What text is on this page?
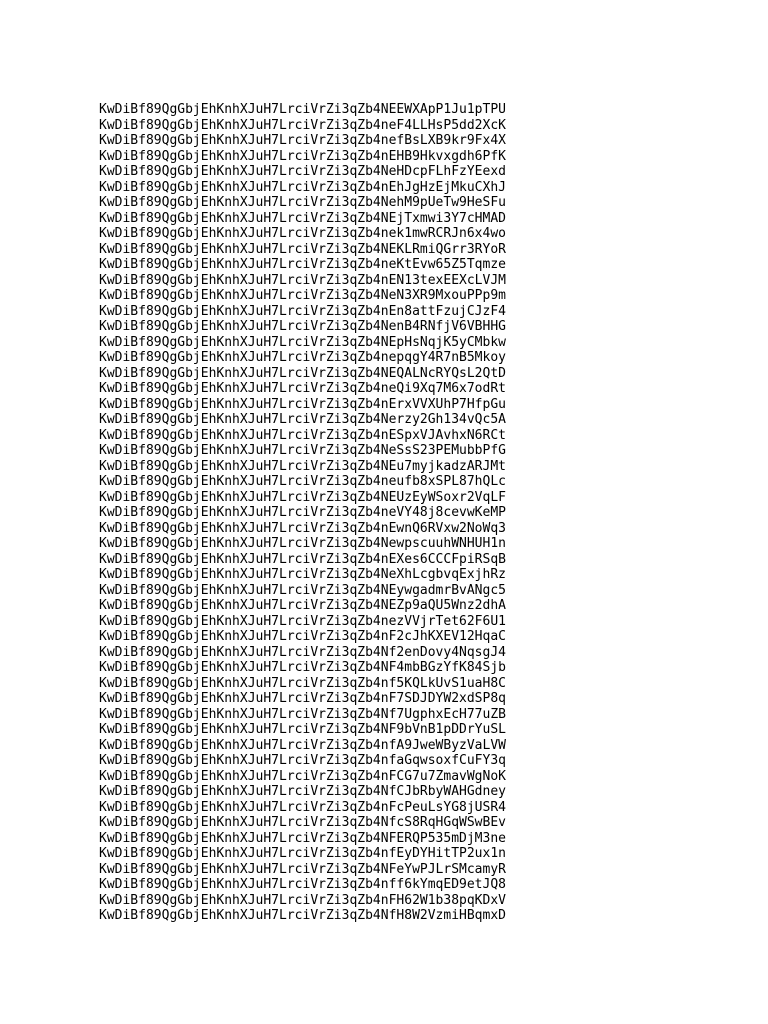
KwDiBf89QgGbjEhKnhXJuH7LrciVrZi3qZb4NEEWXApP1Ju1pTPU
KwDiBf89QgGbjEhKnhXJuH7LrciVrZi3qZb4neF4LLHsP5dd2XcK
KwDiBf89QgGbjEhKnhXJuH7LrciVrZi3qZb4nefBsLXB9kr9Fx4X
KwDiBf89QgGbjEhKnhXJuH7LrciVrZi3qZb4nEHB9Hkvxgdh6PfK
KwDiBf89QgGbjEhKnhXJuH7LrciVrZi3qZb4NeHDcpFLhFzYEexd
KwDiBf89QgGbjEhKnhXJuH7LrciVrZi3qZb4nEhJgHzEjMkuCXhJ
KwDiBf89QgGbjEhKnhXJuH7LrciVrZi3qZb4NehM9pUeTw9HeSFu
KwDiBf89QgGbjEhKnhXJuH7LrciVrZi3qZb4NEjTxmwi3Y7cHMAD
KwDiBf89QgGbjEhKnhXJuH7LrciVrZi3qZb4nek1mwRCRJn6x4wo
KwDiBf89QgGbjEhKnhXJuH7LrciVrZi3qZb4NEKLRmiQGrr3RYoR
KwDiBf89QgGbjEhKnhXJuH7LrciVrZi3qZb4neKtEvw65Z5Tqmze
KwDiBf89QgGbjEhKnhXJuH7LrciVrZi3qZb4nEN13texEEXcLVJM
KwDiBf89QgGbjEhKnhXJuH7LrciVrZi3qZb4NeN3XR9MxouPPp9m
KwDiBf89QgGbjEhKnhXJuH7LrciVrZi3qZb4nEn8attFzujCJzF4
KwDiBf89QgGbjEhKnhXJuH7LrciVrZi3qZb4NenB4RNfjV6VBHHG
KwDiBf89QgGbjEhKnhXJuH7LrciVrZi3qZb4NEpHsNqjK5yCMbkw
KwDiBf89QgGbjEhKnhXJuH7LrciVrZi3qZb4nepqgY4R7nB5Mkoy
KwDiBf89QgGbjEhKnhXJuH7LrciVrZi3qZb4NEQALNcRYQsL2QtD
KwDiBf89QgGbjEhKnhXJuH7LrciVrZi3qZb4neQi9Xq7M6x7odRt
KwDiBf89QgGbjEhKnhXJuH7LrciVrZi3qZb4nErxVVXUhP7HfpGu
KwDiBf89QgGbjEhKnhXJuH7LrciVrZi3qZb4Nerzy2Gh134vQc5A
KwDiBf89QgGbjEhKnhXJuH7LrciVrZi3qZb4nESpxVJAvhxN6RCt
KwDiBf89QgGbjEhKnhXJuH7LrciVrZi3qZb4NeSsS23PEMubbPfG
KwDiBf89QgGbjEhKnhXJuH7LrciVrZi3qZb4NEu7myjkadzARJMt
KwDiBf89QgGbjEhKnhXJuH7LrciVrZi3qZb4neufb8xSPL87hQLc
KwDiBf89QgGbjEhKnhXJuH7LrciVrZi3qZb4NEUzEyWSoxr2VqLF
KwDiBf89QgGbjEhKnhXJuH7LrciVrZi3qZb4neVY48j8cevwKeMP
KwDiBf89QgGbjEhKnhXJuH7LrciVrZi3qZb4nEwnQ6RVxw2NoWq3
KwDiBf89QgGbjEhKnhXJuH7LrciVrZi3qZb4NewpscuuhWNHUH1n
KwDiBf89QgGbjEhKnhXJuH7LrciVrZi3qZb4nEXes6CCCFpiRSqB
KwDiBf89QgGbjEhKnhXJuH7LrciVrZi3qZb4NeXhLcgbvqExjhRz
KwDiBf89QgGbjEhKnhXJuH7LrciVrZi3qZb4NEywgadmrBvANgc5
KwDiBf89QgGbjEhKnhXJuH7LrciVrZi3qZb4NEZp9aQU5Wnz2dhA
KwDiBf89QgGbjEhKnhXJuH7LrciVrZi3qZb4nezVVjrTet62F6U1
KwDiBf89QgGbjEhKnhXJuH7LrciVrZi3qZb4nF2cJhKXEV12HqaC
KwDiBf89QgGbjEhKnhXJuH7LrciVrZi3qZb4Nf2enDovy4NqsgJ4
KwDiBf89QgGbjEhKnhXJuH7LrciVrZi3qZb4NF4mbBGzYfK84Sjb
KwDiBf89QgGbjEhKnhXJuH7LrciVrZi3qZb4nf5KQLkUvS1uaH8C
KwDiBf89QgGbjEhKnhXJuH7LrciVrZi3qZb4nF7SDJDYW2xdSP8q
KwDiBf89QgGbjEhKnhXJuH7LrciVrZi3qZb4Nf7UgphxEcH77uZB
KwDiBf89QgGbjEhKnhXJuH7LrciVrZi3qZb4NF9bVnB1pDDrYuSL
KwDiBf89QgGbjEhKnhXJuH7LrciVrZi3qZb4nfA9JweWByzVaLVW
KwDiBf89QgGbjEhKnhXJuH7LrciVrZi3qZb4nfaGqwsoxfCuFY3q
KwDiBf89QgGbjEhKnhXJuH7LrciVrZi3qZb4nFCG7u7ZmavWgNoK
KwDiBf89QgGbjEhKnhXJuH7LrciVrZi3qZb4NfCJbRbyWAHGdney
KwDiBf89QgGbjEhKnhXJuH7LrciVrZi3qZb4nFcPeuLsYG8jUSR4
KwDiBf89QgGbjEhKnhXJuH7LrciVrZi3qZb4NfcS8RqHGqWSwBEv
KwDiBf89QgGbjEhKnhXJuH7LrciVrZi3qZb4NFERQP535mDjM3ne
KwDiBf89QgGbjEhKnhXJuH7LrciVrZi3qZb4nfEyDYHitTP2ux1n
KwDiBf89QgGbjEhKnhXJuH7LrciVrZi3qZb4NFeYwPJLrSMcamyR
KwDiBf89QgGbjEhKnhXJuH7LrciVrZi3qZb4nff6kYmqED9etJQ8
KwDiBf89QgGbjEhKnhXJuH7LrciVrZi3qZb4nFH62W1b38pqKDxV
KwDiBf89QgGbjEhKnhXJuH7LrciVrZi3qZb4NfH8W2VzmiHBqmxD
